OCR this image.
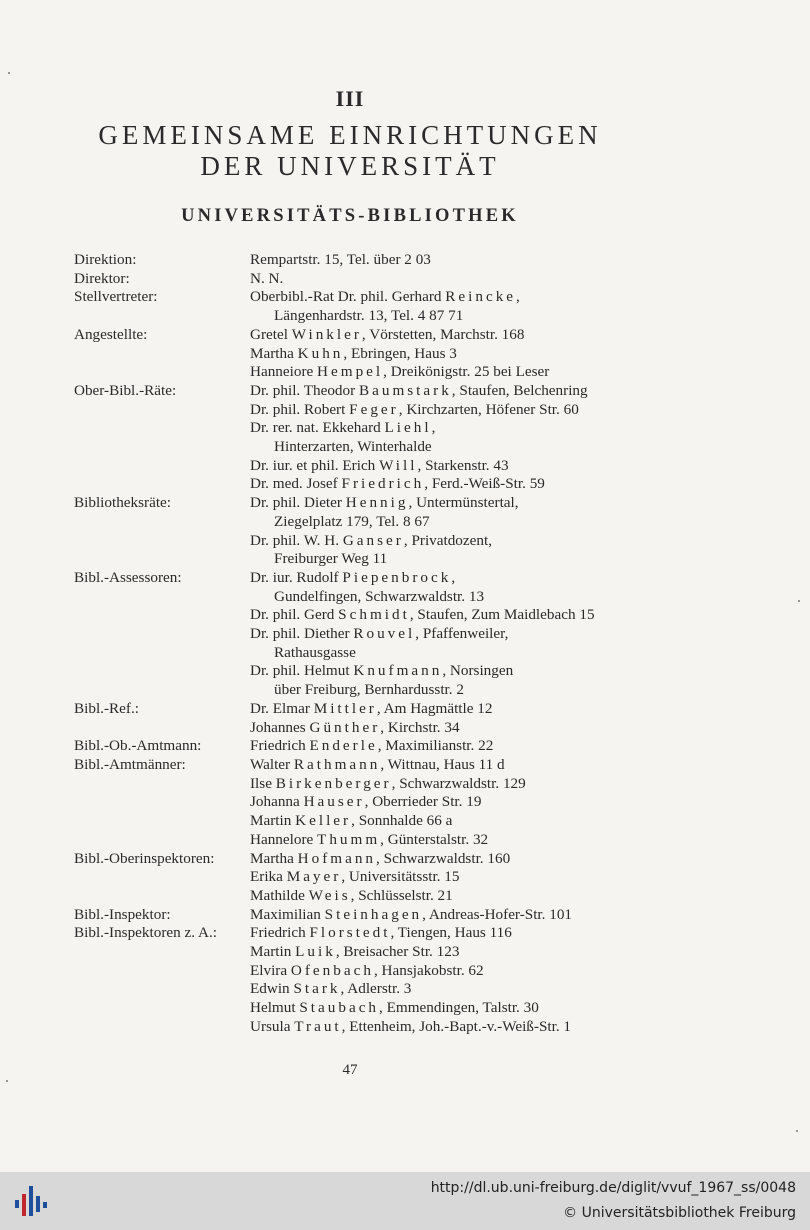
III
GEMEINSAME EINRICHTUNGEN
DER UNIVERSITÄT
UNIVERSITÄTS-BIBLIOTHEK
Direktion:	Rempartstr. 15, Tel. über 2 03
Direktor:	N. N.
Stellvertreter:	Oberbibl.-Rat Dr. phil. Gerhard Reincke,
Längenhardstr. 13, Tel. 4 87 71
Angestellte:	Gretel Winkler, Vörstetten, Marchstr. 168
Martha Kuhn, Ebringen, Haus 3
Hanneiore Hempel, Dreikönigstr. 25 bei Leser
Ober-Bibl.-Räte:	Dr. phil. Theodor Baumstark, Staufen, Belchenring
Dr. phil. Robert Feger, Kirchzarten, Höfener Str. 60
Dr. rer. nat. Ekkehard Liehl,
Hinterzarten, Winterhalde
Dr. iur. et phil. Erich Will, Starkenstr. 43
Dr. med. Josef Friedrich, Ferd.-Weiß-Str. 59
Bibliotheksräte:	Dr. phil. Dieter Hennig, Untermünstertal,
Ziegelplatz 179, Tel. 8 67
Dr. phil. W. H. Ganser, Privatdozent,
Freiburger Weg 11
Bibl.-Assessoren:	Dr. iur. Rudolf Piepenbrock,
Gundelfingen, Schwarzwaldstr. 13
Dr. phil. Gerd Schmidt, Staufen, Zum Maidlebach 15
Dr. phil. Diether Rouvel, Pfaffenweiler,
Rathausgasse
Dr. phil. Helmut Knufmann, Norsingen
über Freiburg, Bernhardusstr. 2
Bibl.-Ref.:	Dr. Elmar Mittler, Am Hagmättle 12
Johannes Günther, Kirchstr. 34
Bibl.-Ob.-Amtmann:	Friedrich Enderle, Maximilianstr. 22
Bibl.-Amtmänner:	Walter Rathmann, Wittnau, Haus 11 d
Ilse Birkenberger, Schwarzwaldstr. 129
Johanna Hauser, Oberrieder Str. 19
Martin Keller, Sonnhalde 66 a
Hannelore Thumm, Günterstalstr. 32
Bibl.-Oberinspektoren:	Martha Hofmann, Schwarzwaldstr. 160
Erika Mayer, Universitätsstr. 15
Mathilde Weis, Schlüsselstr. 21
Bibl.-Inspektor:	Maximilian Steinhagen, Andreas-Hofer-Str. 101
Bibl.-Inspektoren z. A.:	Friedrich Florstedt, Tiengen, Haus 116
Martin Luik, Breisacher Str. 123
Elvira Ofenbach, Hansjakobstr. 62
Edwin Stark, Adlerstr. 3
Helmut Staubach, Emmendingen, Talstr. 30
Ursula Traut, Ettenheim, Joh.-Bapt.-v.-Weiß-Str. 1
47
http://dl.ub.uni-freiburg.de/diglit/vvuf_1967_ss/0048
© Universitätsbibliothek Freiburg
